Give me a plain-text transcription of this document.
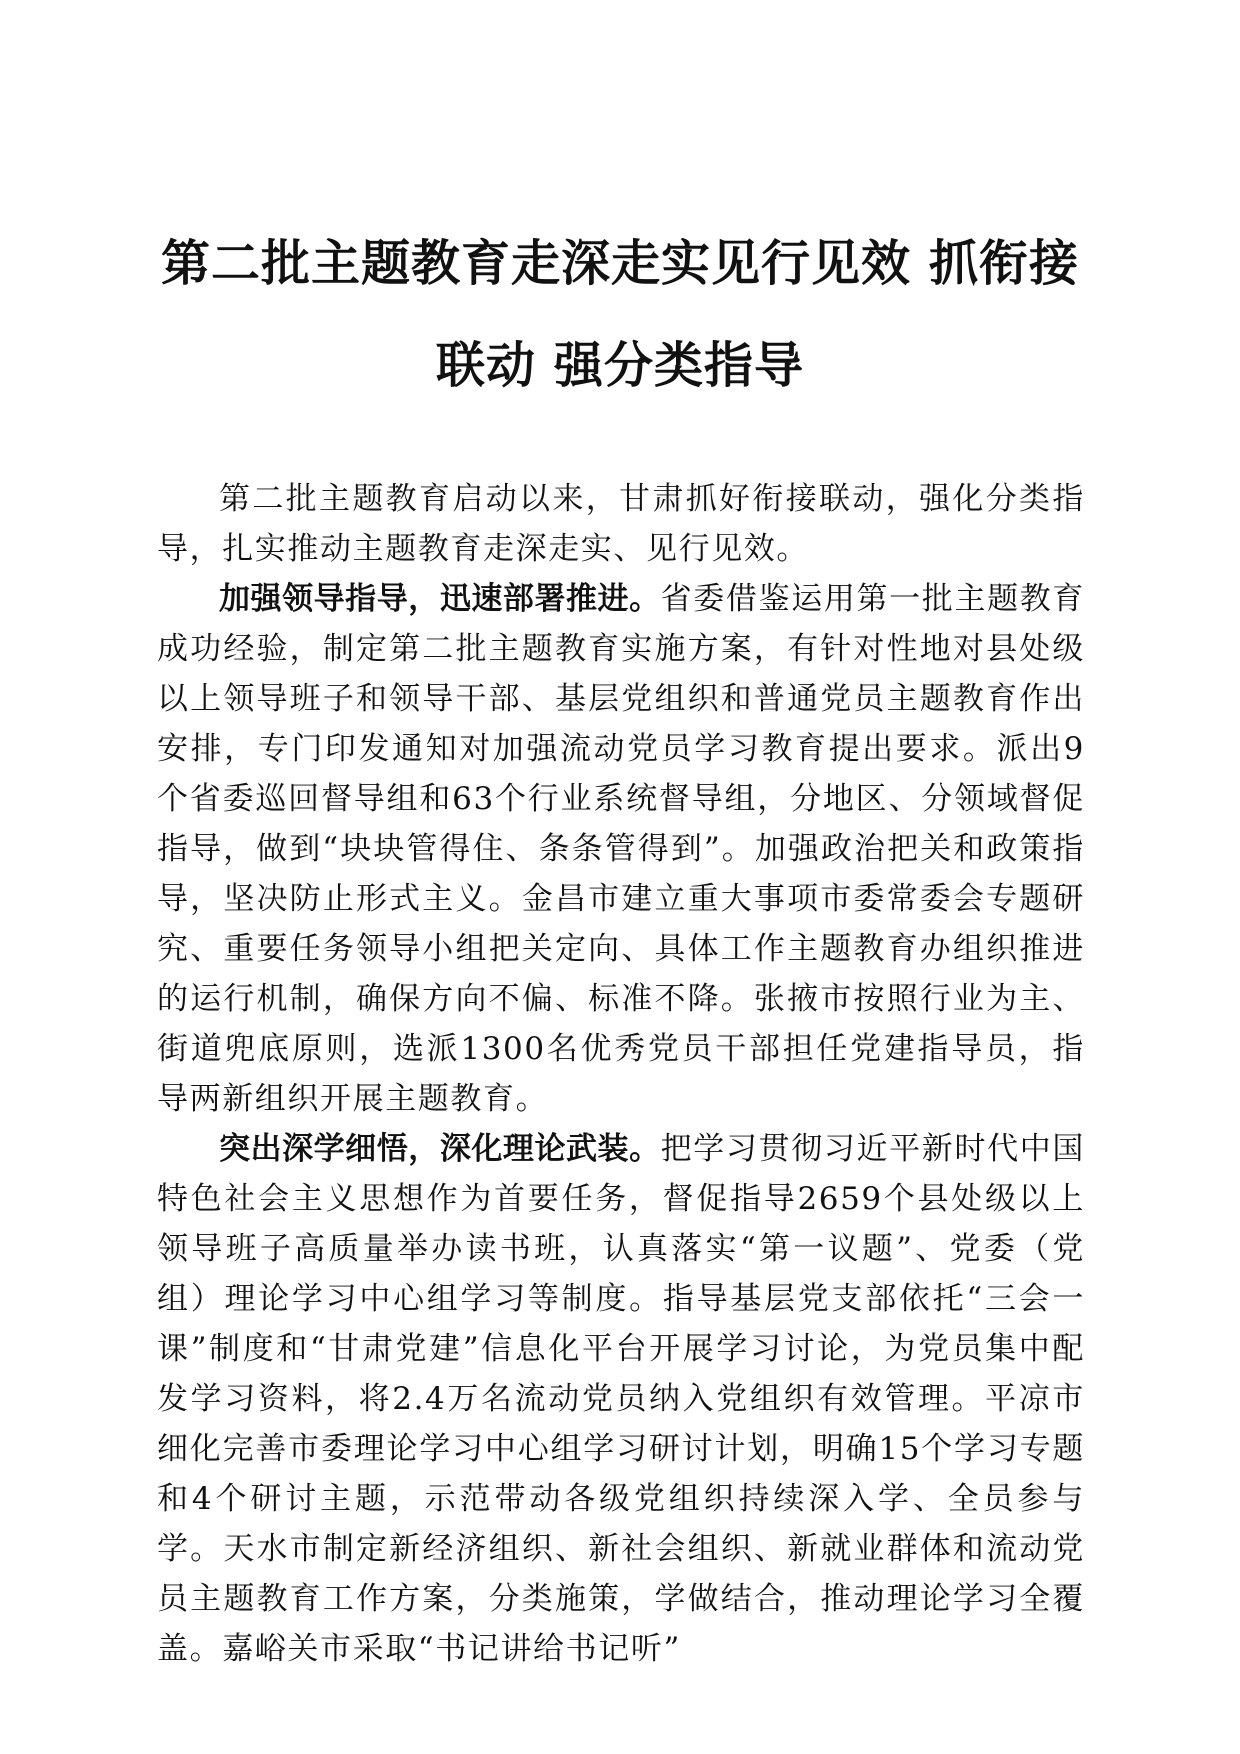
第二批主题教育走深走实见行见效 抓衔接联动 强分类指导

第二批主题教育启动以来，甘肃抓好衔接联动，强化分类指导，扎实推动主题教育走深走实、见行见效。

加强领导指导，迅速部署推进。省委借鉴运用第一批主题教育成功经验，制定第二批主题教育实施方案，有针对性地对县处级以上领导班子和领导干部、基层党组织和普通党员主题教育作出安排，专门印发通知对加强流动党员学习教育提出要求。派出9个省委巡回督导组和63个行业系统督导组，分地区、分领域督促指导，做到“块块管得住、条条管得到”。加强政治把关和政策指导，坚决防止形式主义。金昌市建立重大事项市委常委会专题研究、重要任务领导小组把关定向、具体工作主题教育办组织推进的运行机制，确保方向不偏、标准不降。张掖市按照行业为主、街道兜底原则，选派1300名优秀党员干部担任党建指导员，指导两新组织开展主题教育。

突出深学细悟，深化理论武装。把学习贯彻习近平新时代中国特色社会主义思想作为首要任务，督促指导2659个县处级以上领导班子高质量举办读书班，认真落实“第一议题”、党委（党组）理论学习中心组学习等制度。指导基层党支部依托“三会一课”制度和“甘肃党建”信息化平台开展学习讨论，为党员集中配发学习资料，将2.4万名流动党员纳入党组织有效管理。平凉市细化完善市委理论学习中心组学习研讨计划，明确15个学习专题和4个研讨主题，示范带动各级党组织持续深入学、全员参与学。天水市制定新经济组织、新社会组织、新就业群体和流动党员主题教育工作方案，分类施策，学做结合，推动理论学习全覆盖。嘉峪关市采取“书记讲给书记听”
